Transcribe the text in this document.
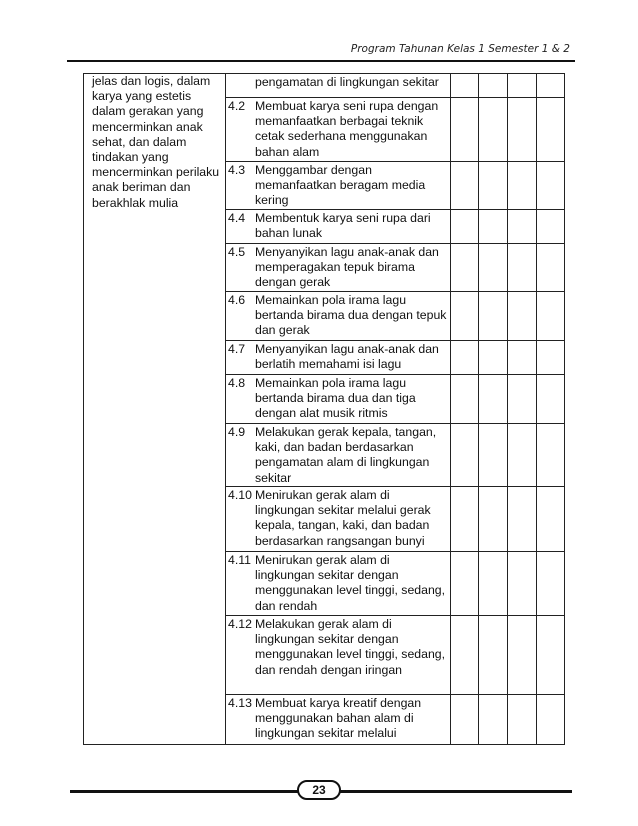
Program Tahunan Kelas 1 Semester 1 & 2
jelas dan logis, dalam karya yang estetis dalam gerakan yang mencerminkan anak sehat, dan dalam tindakan yang mencerminkan perilaku anak beriman dan berakhlak mulia	pengamatan di lingkungan sekitar				

	4.2 Membuat karya seni rupa dengan memanfaatkan berbagai teknik cetak sederhana menggunakan bahan alam				

	4.3 Menggambar dengan memanfaatkan beragam media kering				

	4.4 Membentuk karya seni rupa dari bahan lunak				

	4.5 Menyanyikan lagu anak-anak dan memperagakan tepuk birama dengan gerak				

	4.6 Memainkan pola irama lagu bertanda birama dua dengan tepuk dan gerak				

	4.7 Menyanyikan lagu anak-anak dan berlatih memahami isi lagu				

	4.8 Memainkan pola irama lagu bertanda birama dua dan tiga dengan alat musik ritmis				

	4.9 Melakukan gerak kepala, tangan, kaki, dan badan berdasarkan pengamatan alam di lingkungan sekitar				

	4.10 Menirukan gerak alam di lingkungan sekitar melalui gerak kepala, tangan, kaki, dan badan berdasarkan rangsangan bunyi				

	4.11 Menirukan gerak alam di lingkungan sekitar dengan menggunakan level tinggi, sedang, dan rendah				

	4.12 Melakukan gerak alam di lingkungan sekitar dengan menggunakan level tinggi, sedang, dan rendah dengan iringan				

	4.13 Membuat karya kreatif dengan menggunakan bahan alam di lingkungan sekitar melalui				

23
